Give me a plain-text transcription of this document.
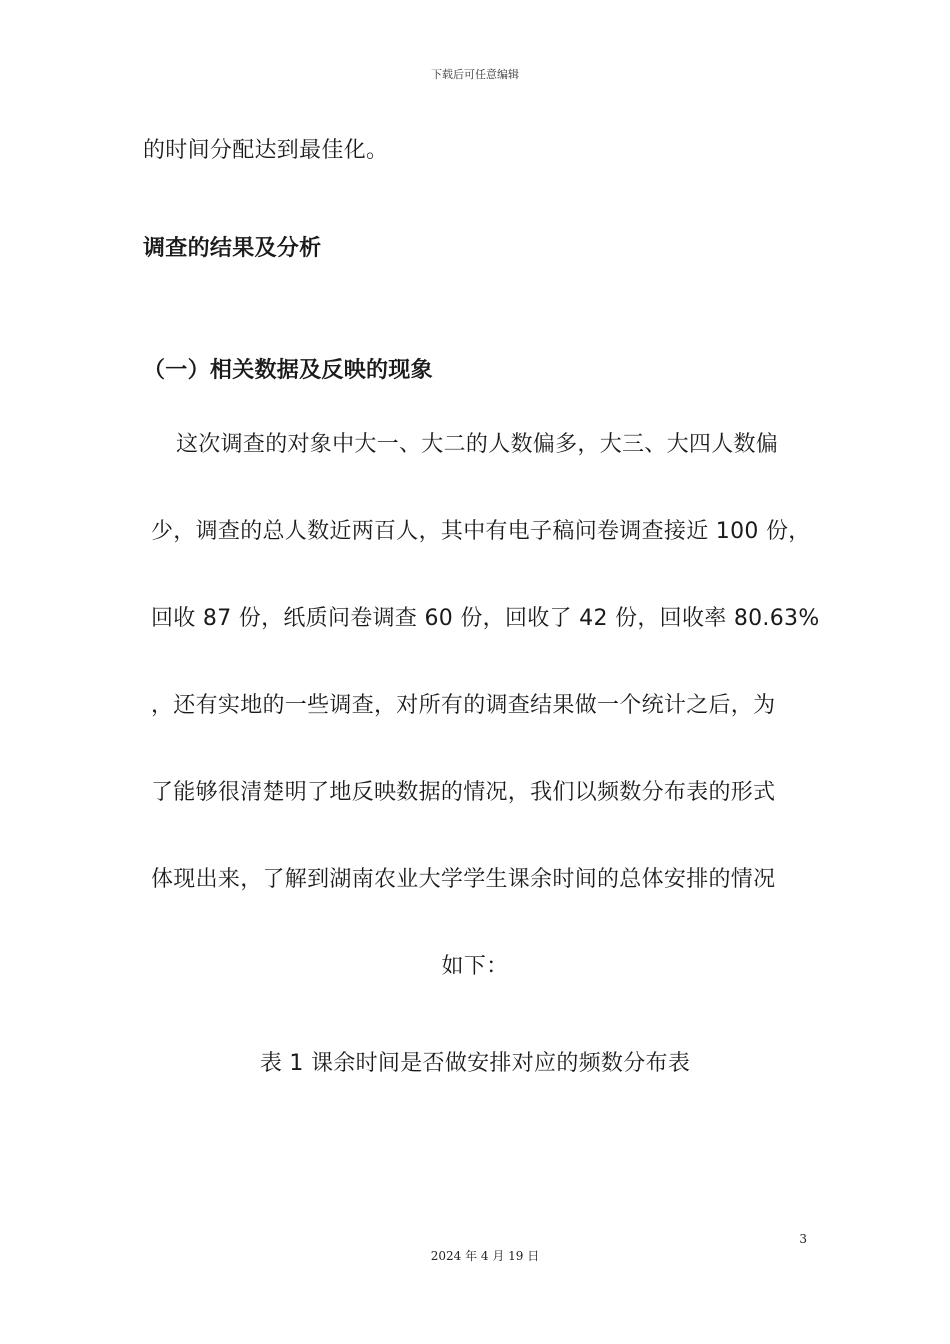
下载后可任意编辑
的时间分配达到最佳化。
调查的结果及分析
（一）相关数据及反映的现象
这次调查的对象中大一、大二的人数偏多，大三、大四人数偏
少，调查的总人数近两百人，其中有电子稿问卷调查接近 100 份，
回收 87 份，纸质问卷调查 60 份，回收了 42 份，回收率 80.63%
，还有实地的一些调查，对所有的调查结果做一个统计之后，为
了能够很清楚明了地反映数据的情况，我们以频数分布表的形式
体现出来，了解到湖南农业大学学生课余时间的总体安排的情况
如下：
表 1 课余时间是否做安排对应的频数分布表
3
2024 年 4 月 19 日
